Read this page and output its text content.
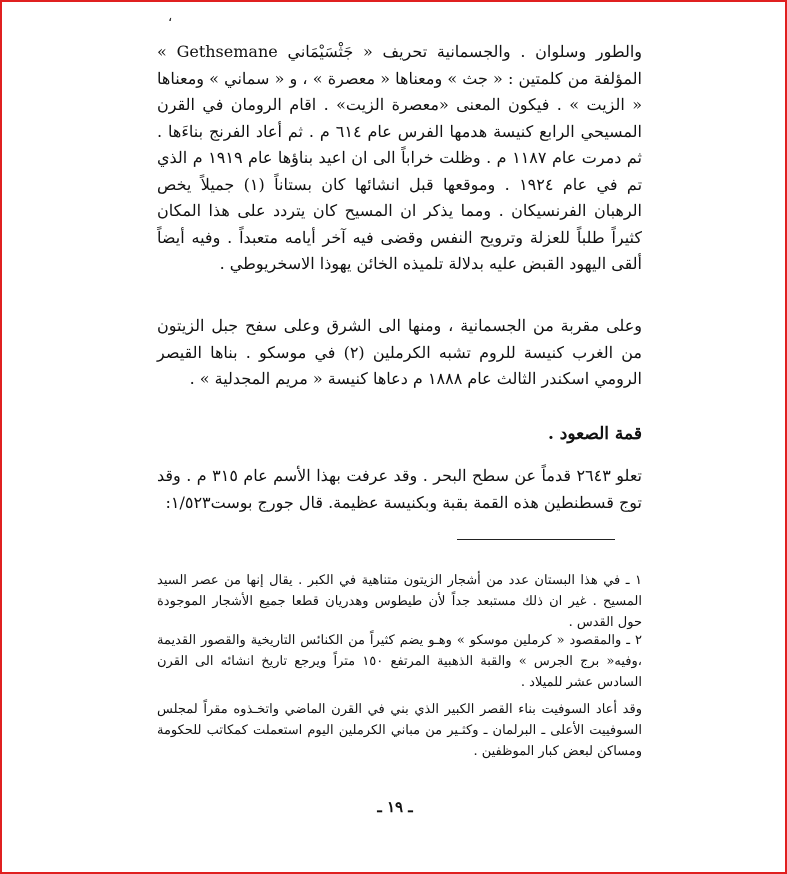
،

والطور وسلوان . والجسمانية تحريف « جَثْسَيْمَاني Gethsemane » المؤلفة من كلمتين : « جث » ومعناها « معصرة » ، و « سماني » ومعناها « الزيت » . فيكون المعنى «معصرة الزيت» . اقام الرومان في القرن المسيحي الرابع كنيسة هدمها الفرس عام ٦١٤ م . ثم أعاد الفرنج بناءَها . ثم دمرت عام ١١٨٧ م . وظلت خراباً الى ان اعيد بناؤها عام ١٩١٩ م الذي تم في عام ١٩٢٤ . وموقعها قبل انشائها كان بستاناً (١) جميلاً يخص الرهبان الفرنسيكان . ومما يذكر ان المسيح كان يتردد على هذا المكان كثيراً طلباً للعزلة وترويح النفس وقضى فيه آخر أيامه متعبداً . وفيه أيضاً ألقى اليهود القبض عليه بدلالة تلميذه الخائن يهوذا الاسخريوطي .

وعلى مقربة من الجسمانية ، ومنها الى الشرق وعلى سفح جبل الزيتون من الغرب كنيسة للروم تشبه الكرملين (٢) في موسكو . بناها القيصر الرومي اسكندر الثالث عام ١٨٨٨ م دعاها كنيسة « مريم المجدلية » .

قمة الصعود .

تعلو ٢٦٤٣ قدماً عن سطح البحر . وقد عرفت بهذا الأسم عام ٣١٥ م . وقد توج قسطنطين هذه القمة بقبة وبكنيسة عظيمة. قال جورج بوست١/٥٢٣:

١ ـ في هذا البستان عدد من أشجار الزيتون متناهية في الكبر . يقال إنها من عصر السيد المسيح . غير ان ذلك مستبعد جداً لأن طيطوس وهدريان قطعا جميع الأشجار الموجودة حول القدس .

٢ ـ والمقصود « كرملين موسكو » وهـو يضم كثيراً من الكنائس التاريخية والقصور القديمة ،وفيه« برج الجرس » والقبة الذهبية المرتفع ١٥٠ متراً ويرجع تاريخ انشائه الى القرن السادس عشر للميلاد .

وقد أعاد السوفيت بناء القصر الكبير الذي بني في القرن الماضي واتخـذوه مقراً لمجلس السوفييت الأعلى ـ البرلمان ـ وكثـير من مباني الكرملين اليوم استعملت كمكاتب للحكومة ومساكن لبعض كبار الموظفين .

ـ ١٩ ـ
